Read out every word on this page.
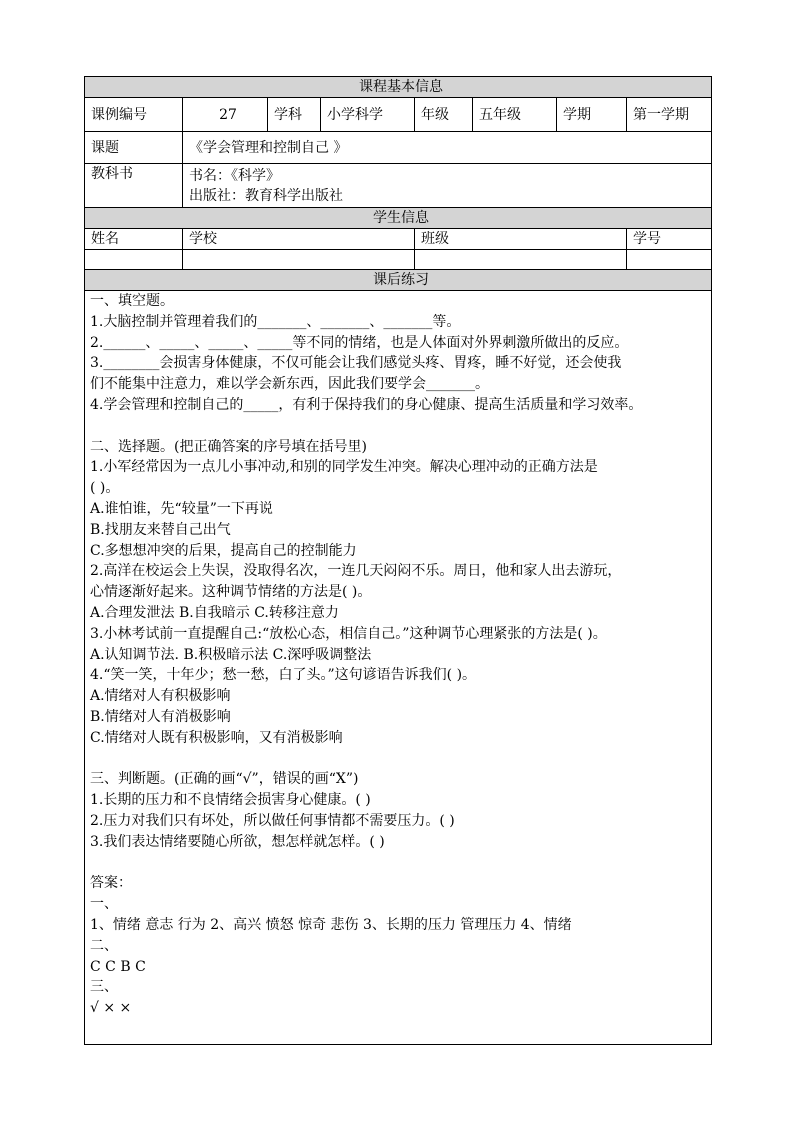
课程基本信息							
课例编号	27	学科	小学科学	年级	五年级	学期	第一学期
课题	《学会管理和控制自己 》						
教科书	书名：《科学》
出版社：教育科学出版社						

学生信息							
姓名	学校			班级			学号

课后练习							
一、填空题。
1.大脑控制并管理着我们的_______、_______、_______等。
2.______、_____、_____、_____等不同的情绪，也是人体面对外界刺激所做出的反应。
3.________会损害身体健康，不仅可能会让我们感觉头疼、胃疼，睡不好觉，还会使我
们不能集中注意力，难以学会新东西，因此我们要学会_______。
4.学会管理和控制自己的_____，有利于保持我们的身心健康、提高生活质量和学习效率。
二、选择题。(把正确答案的序号填在括号里)
1.小军经常因为一点儿小事冲动,和别的同学发生冲突。解决心理冲动的正确方法是
( )。
A.谁怕谁，先“较量”一下再说
B.找朋友来替自己出气
C.多想想冲突的后果，提高自己的控制能力
2.高洋在校运会上失误，没取得名次，一连几天闷闷不乐。周日，他和家人出去游玩，
心情逐渐好起来。这种调节情绪的方法是( )。
A.合理发泄法 B.自我暗示 C.转移注意力
3.小林考试前一直提醒自己:“放松心态，相信自己。”这种调节心理紧张的方法是( )。
A.认知调节法. B.积极暗示法 C.深呼吸调整法
4.“笑一笑，十年少；愁一愁，白了头。”这句谚语告诉我们( )。
A.情绪对人有积极影响
B.情绪对人有消极影响
C.情绪对人既有积极影响，又有消极影响
三、判断题。(正确的画“√”，错误的画“X”)
1.长期的压力和不良情绪会损害身心健康。( )
2.压力对我们只有坏处，所以做任何事情都不需要压力。( )
3.我们表达情绪要随心所欲，想怎样就怎样。( )
答案：
一、
1、情绪 意志 行为 2、高兴 愤怒 惊奇 悲伤 3、长期的压力 管理压力 4、情绪
二、
C C B C
三、
√ × ×
